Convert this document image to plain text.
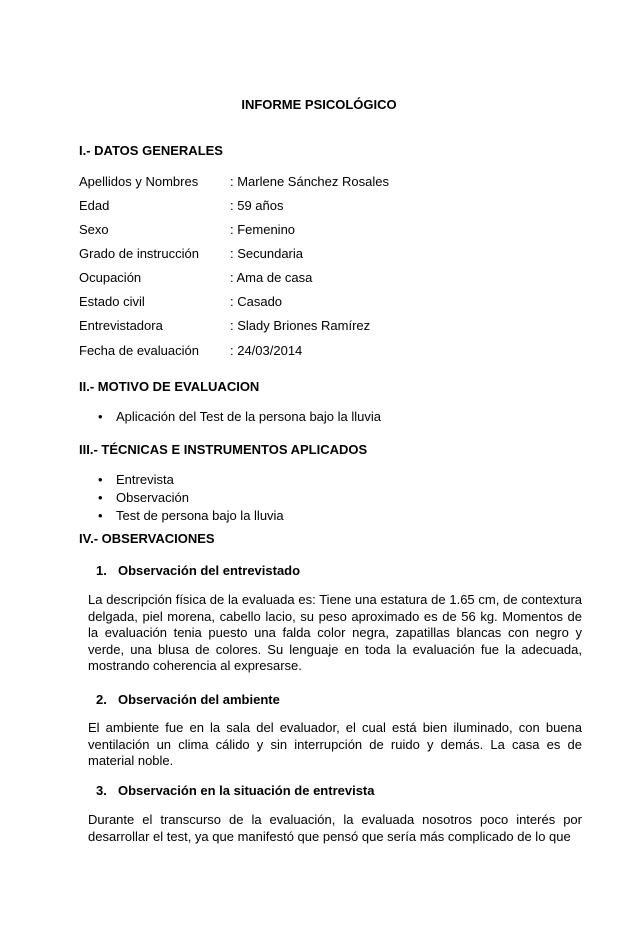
INFORME PSICOLÓGICO
I.- DATOS GENERALES
Apellidos y Nombres : Marlene Sánchez Rosales
Edad	: 59 años
Sexo	: Femenino
Grado de instrucción : Secundaria
Ocupación	: Ama de casa
Estado civil	: Casado
Entrevistadora	: Slady Briones Ramírez
Fecha de evaluación : 24/03/2014
II.- MOTIVO DE EVALUACION
• Aplicación del Test de la persona bajo la lluvia
III.- TÉCNICAS E INSTRUMENTOS APLICADOS
• Entrevista
• Observación
• Test de persona bajo la lluvia
IV.- OBSERVACIONES
1. Observación del entrevistado

La descripción física de la evaluada es: Tiene una estatura de 1.65 cm, de contextura delgada, piel morena, cabello lacio, su peso aproximado es de 56 kg. Momentos de la evaluación tenia puesto una falda color negra, zapatillas blancas con negro y verde, una blusa de colores. Su lenguaje en toda la evaluación fue la adecuada, mostrando coherencia al expresarse.

2. Observación del ambiente

El ambiente fue en la sala del evaluador, el cual está bien iluminado, con buena ventilación un clima cálido y sin interrupción de ruido y demás. La casa es de material noble.

3. Observación en la situación de entrevista

Durante el transcurso de la evaluación, la evaluada nosotros poco interés por desarrollar el test, ya que manifestó que pensó que sería más complicado de lo que
